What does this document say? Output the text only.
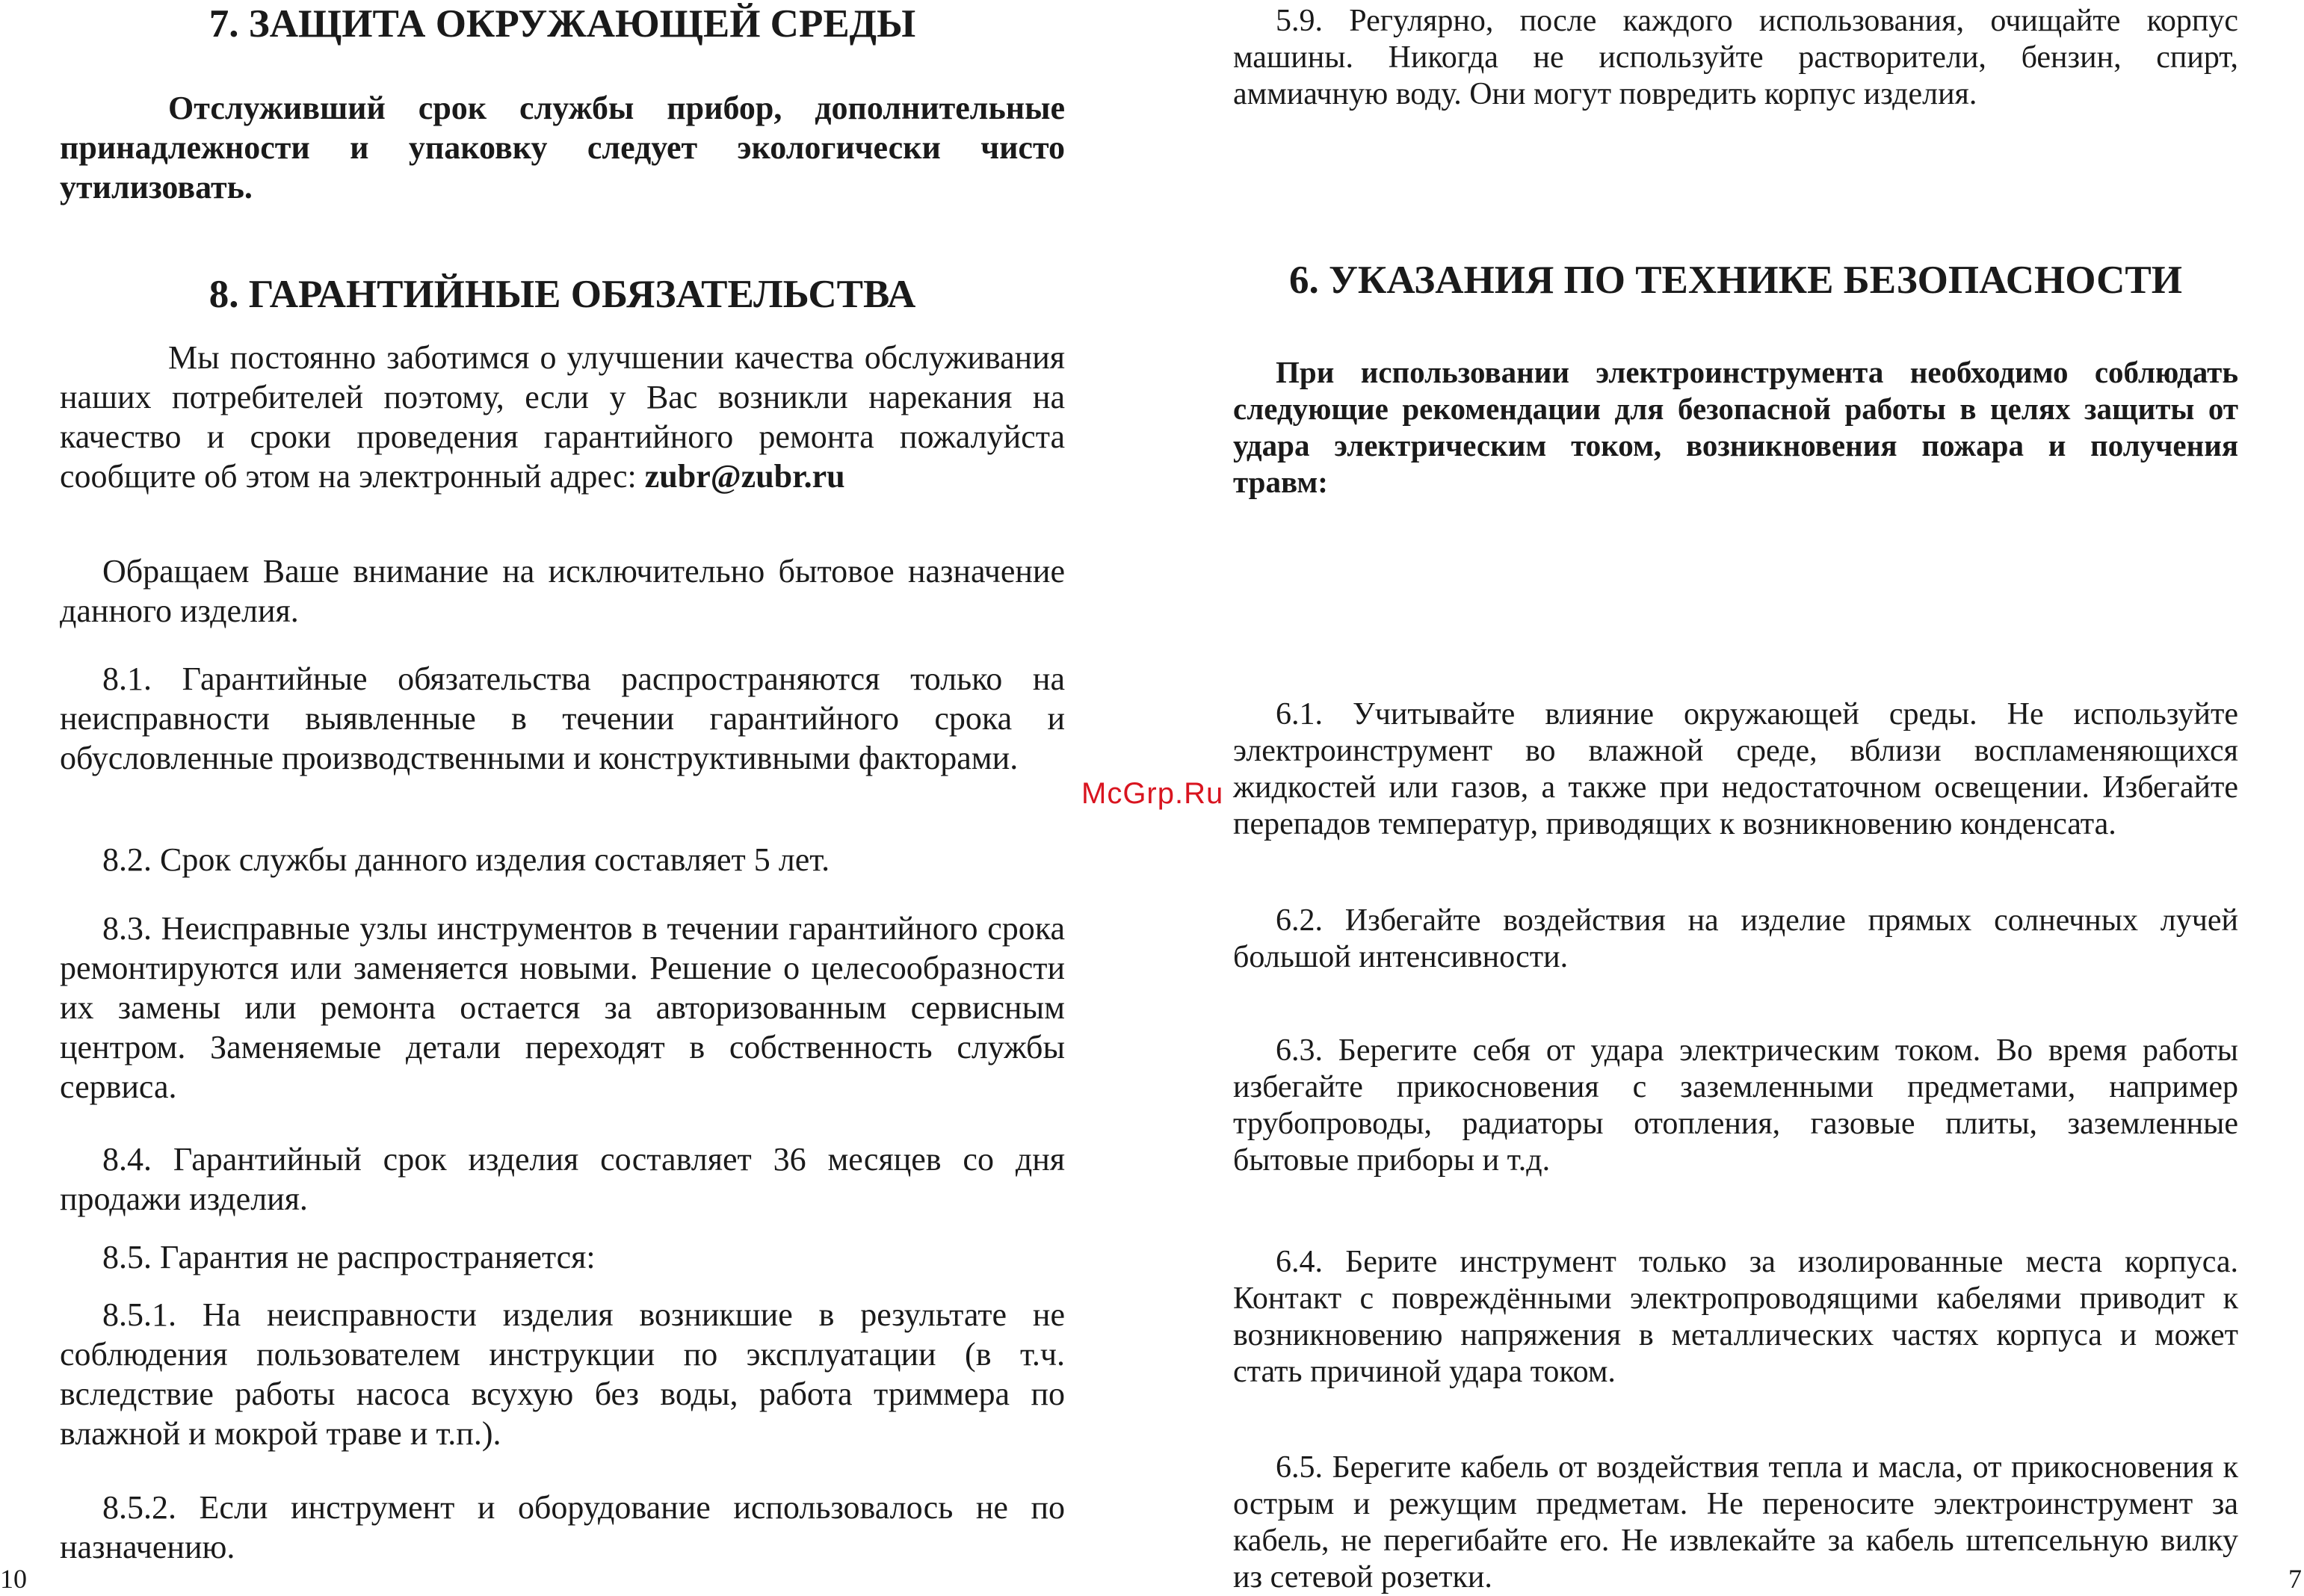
7. ЗАЩИТА ОКРУЖАЮЩЕЙ СРЕДЫ

Отслуживший срок службы прибор, дополнительные принадлежности и упаковку следует экологически чисто утилизовать.

8. ГАРАНТИЙНЫЕ ОБЯЗАТЕЛЬСТВА

Мы постоянно заботимся о улучшении качества обслуживания наших потребителей поэтому, если у Вас возникли нарекания на качество и сроки проведения гарантийного ремонта пожалуйста сообщите об этом на электронный адрес: zubr@zubr.ru

Обращаем Ваше внимание на исключительно бытовое назначение данного изделия.

8.1. Гарантийные обязательства распространяются только на неисправности выявленные в течении гарантийного срока и обусловленные производственными и конструктивными факторами.

8.2. Срок службы данного изделия составляет 5 лет.

8.3. Неисправные узлы инструментов в течении гарантийного срока ремонтируются или заменяется новыми. Решение о целесообразности их замены или ремонта остается за авторизованным сервисным центром. Заменяемые детали переходят в собственность службы сервиса.

8.4. Гарантийный срок изделия составляет 36 месяцев со дня продажи изделия.

8.5. Гарантия не распространяется:

8.5.1. На неисправности изделия возникшие в результате не соблюдения пользователем инструкции по эксплуатации (в т.ч. вследствие работы насоса всухую без воды, работа триммера по влажной и мокрой траве и т.п.).

8.5.2. Если инструмент и оборудование использовалось не по назначению.

10

5.9. Регулярно, после каждого использования, очищайте корпус машины. Никогда не используйте растворители, бензин, спирт, аммиачную воду. Они могут повредить корпус изделия.

6. УКАЗАНИЯ ПО ТЕХНИКЕ БЕЗОПАСНОСТИ

При использовании электроинструмента необходимо соблюдать следующие рекомендации для безопасной работы в целях защиты от удара электрическим током, возникновения пожара и получения травм:

6.1. Учитывайте влияние окружающей среды. Не используйте электроинструмент во влажной среде, вблизи воспламеняющихся жидкостей или газов, а также при недостаточном освещении. Избегайте перепадов температур, приводящих к возникновению конденсата.

6.2. Избегайте воздействия на изделие прямых солнечных лучей большой интенсивности.

6.3. Берегите себя от удара электрическим током. Во время работы избегайте прикосновения с заземленными предметами, например трубопроводы, радиаторы отопления, газовые плиты, заземленные бытовые приборы и т.д.

6.4. Берите инструмент только за изолированные места корпуса. Контакт с повреждёнными электропроводящими кабелями приводит к возникновению напряжения в металлических частях корпуса и может стать причиной удара током.

6.5. Берегите кабель от воздействия тепла и масла, от прикосновения к острым и режущим предметам. Не переносите электроинструмент за кабель, не перегибайте его. Не извлекайте за кабель штепсельную вилку из сетевой розетки.	7
McGrp.Ru
